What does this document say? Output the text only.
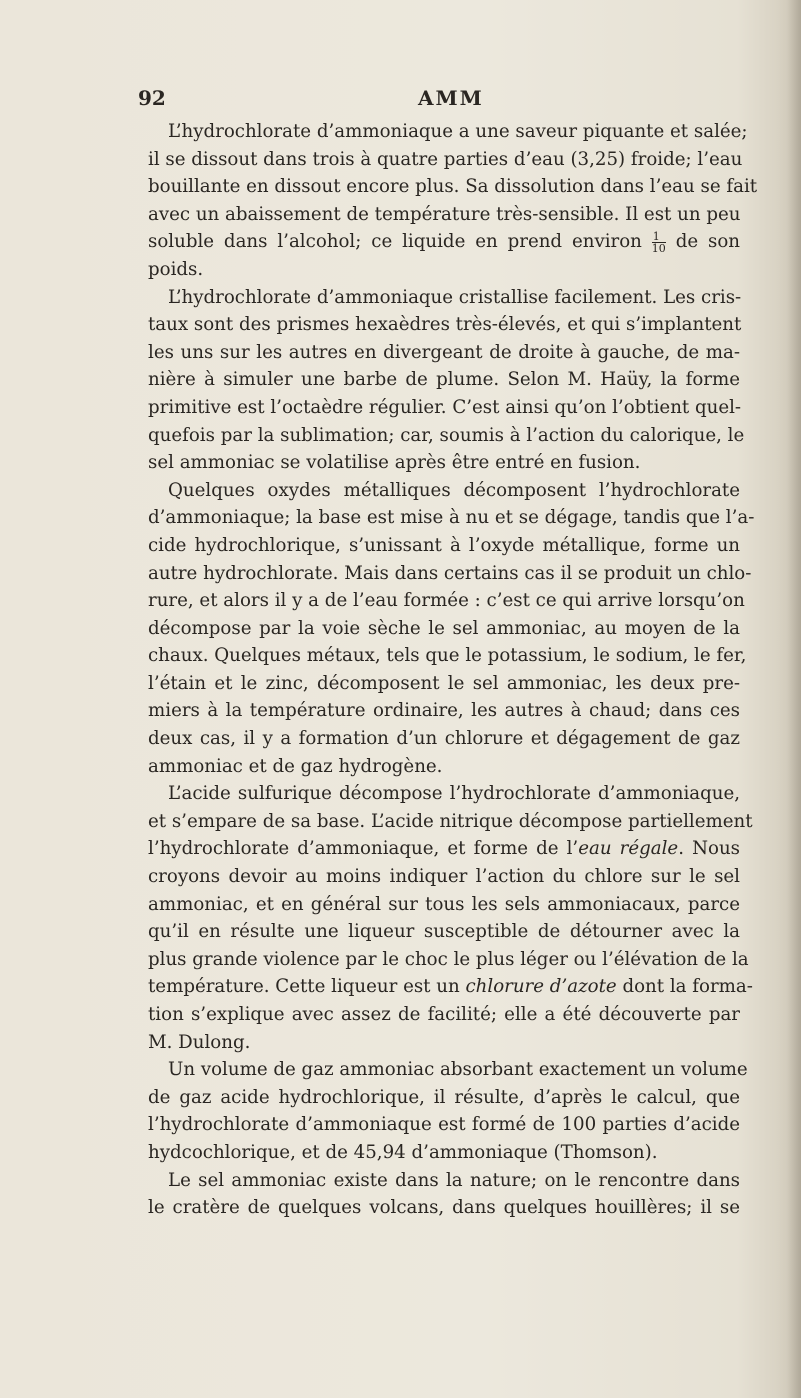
92	AMM
L’hydrochlorate d’ammoniaque a une saveur piquante et salée;
il se dissout dans trois à quatre parties d’eau (3,25) froide; l’eau
bouillante en dissout encore plus. Sa dissolution dans l’eau se fait
avec un abaissement de température très-sensible. Il est un peu
soluble dans l’alcohol; ce liquide en prend environ $\frac{1}{10}$ de son
poids.
L’hydrochlorate d’ammoniaque cristallise facilement. Les cris-
taux sont des prismes hexaèdres très-élevés, et qui s’implantent
les uns sur les autres en divergeant de droite à gauche, de ma-
nière à simuler une barbe de plume. Selon M. Haüy, la forme
primitive est l’octaèdre régulier. C’est ainsi qu’on l’obtient quel-
quefois par la sublimation; car, soumis à l’action du calorique, le
sel ammoniac se volatilise après être entré en fusion.
Quelques oxydes métalliques décomposent l’hydrochlorate
d’ammoniaque; la base est mise à nu et se dégage, tandis que l’a-
cide hydrochlorique, s’unissant à l’oxyde métallique, forme un
autre hydrochlorate. Mais dans certains cas il se produit un chlo-
rure, et alors il y a de l’eau formée : c’est ce qui arrive lorsqu’on
décompose par la voie sèche le sel ammoniac, au moyen de la
chaux. Quelques métaux, tels que le potassium, le sodium, le fer,
l’étain et le zinc, décomposent le sel ammoniac, les deux pre-
miers à la température ordinaire, les autres à chaud; dans ces
deux cas, il y a formation d’un chlorure et dégagement de gaz
ammoniac et de gaz hydrogène.
L’acide sulfurique décompose l’hydrochlorate d’ammoniaque,
et s’empare de sa base. L’acide nitrique décompose partiellement
l’hydrochlorate d’ammoniaque, et forme de l’eau régale. Nous
croyons devoir au moins indiquer l’action du chlore sur le sel
ammoniac, et en général sur tous les sels ammoniacaux, parce
qu’il en résulte une liqueur susceptible de détourner avec la
plus grande violence par le choc le plus léger ou l’élévation de la
température. Cette liqueur est un chlorure d’azote dont la forma-
tion s’explique avec assez de facilité; elle a été découverte par
M. Dulong.
Un volume de gaz ammoniac absorbant exactement un volume
de gaz acide hydrochlorique, il résulte, d’après le calcul, que
l’hydrochlorate d’ammoniaque est formé de 100 parties d’acide
hydcochlorique, et de 45,94 d’ammoniaque (Thomson).
Le sel ammoniac existe dans la nature; on le rencontre dans
le cratère de quelques volcans, dans quelques houillères; il se
